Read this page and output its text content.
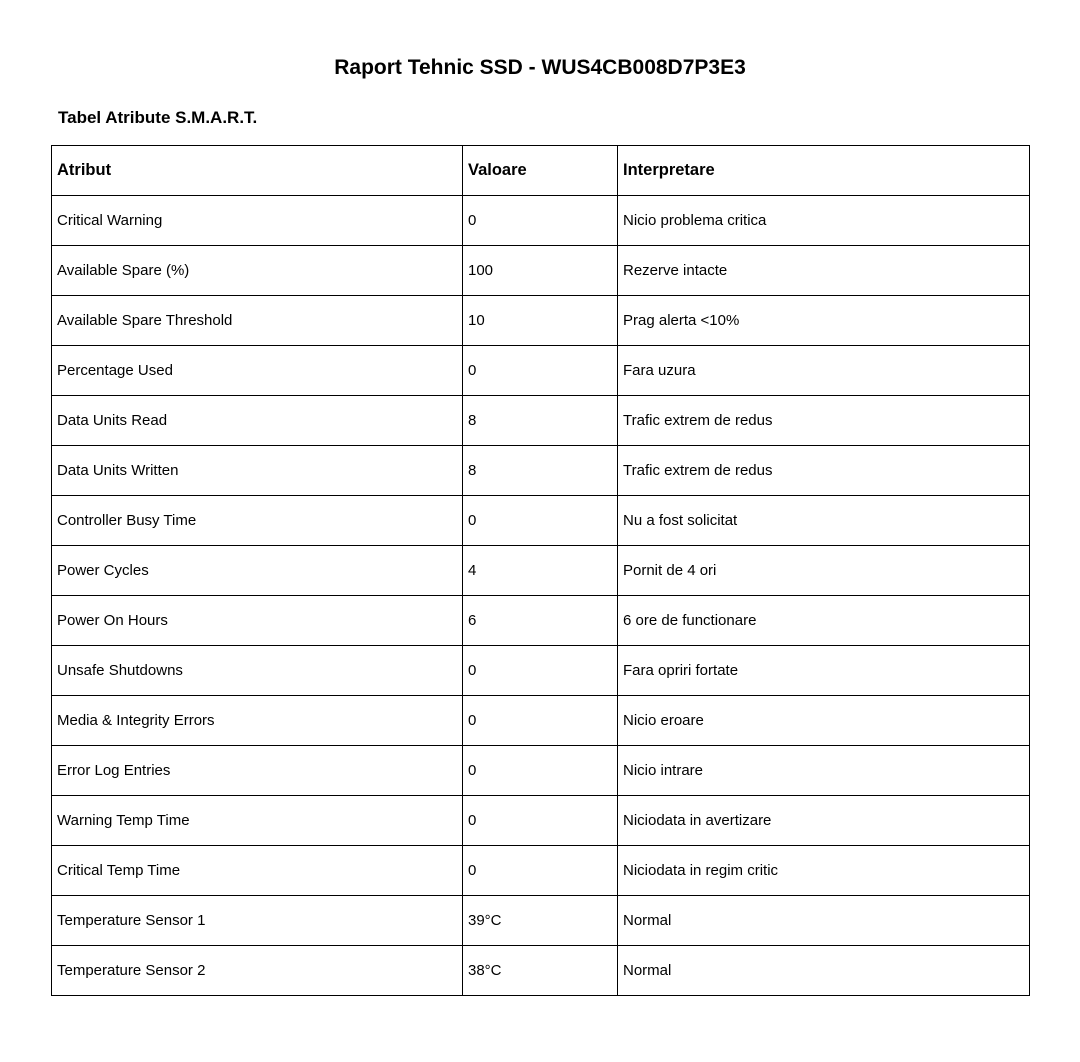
Raport Tehnic SSD - WUS4CB008D7P3E3
Tabel Atribute S.M.A.R.T.
Atribut	Valoare	Interpretare
Critical Warning	0	Nicio problema critica
Available Spare (%)	100	Rezerve intacte
Available Spare Threshold	10	Prag alerta <10%
Percentage Used	0	Fara uzura
Data Units Read	8	Trafic extrem de redus
Data Units Written	8	Trafic extrem de redus
Controller Busy Time	0	Nu a fost solicitat
Power Cycles	4	Pornit de 4 ori
Power On Hours	6	6 ore de functionare
Unsafe Shutdowns	0	Fara opriri fortate
Media & Integrity Errors	0	Nicio eroare
Error Log Entries	0	Nicio intrare
Warning Temp Time	0	Niciodata in avertizare
Critical Temp Time	0	Niciodata in regim critic
Temperature Sensor 1	39°C	Normal
Temperature Sensor 2	38°C	Normal
